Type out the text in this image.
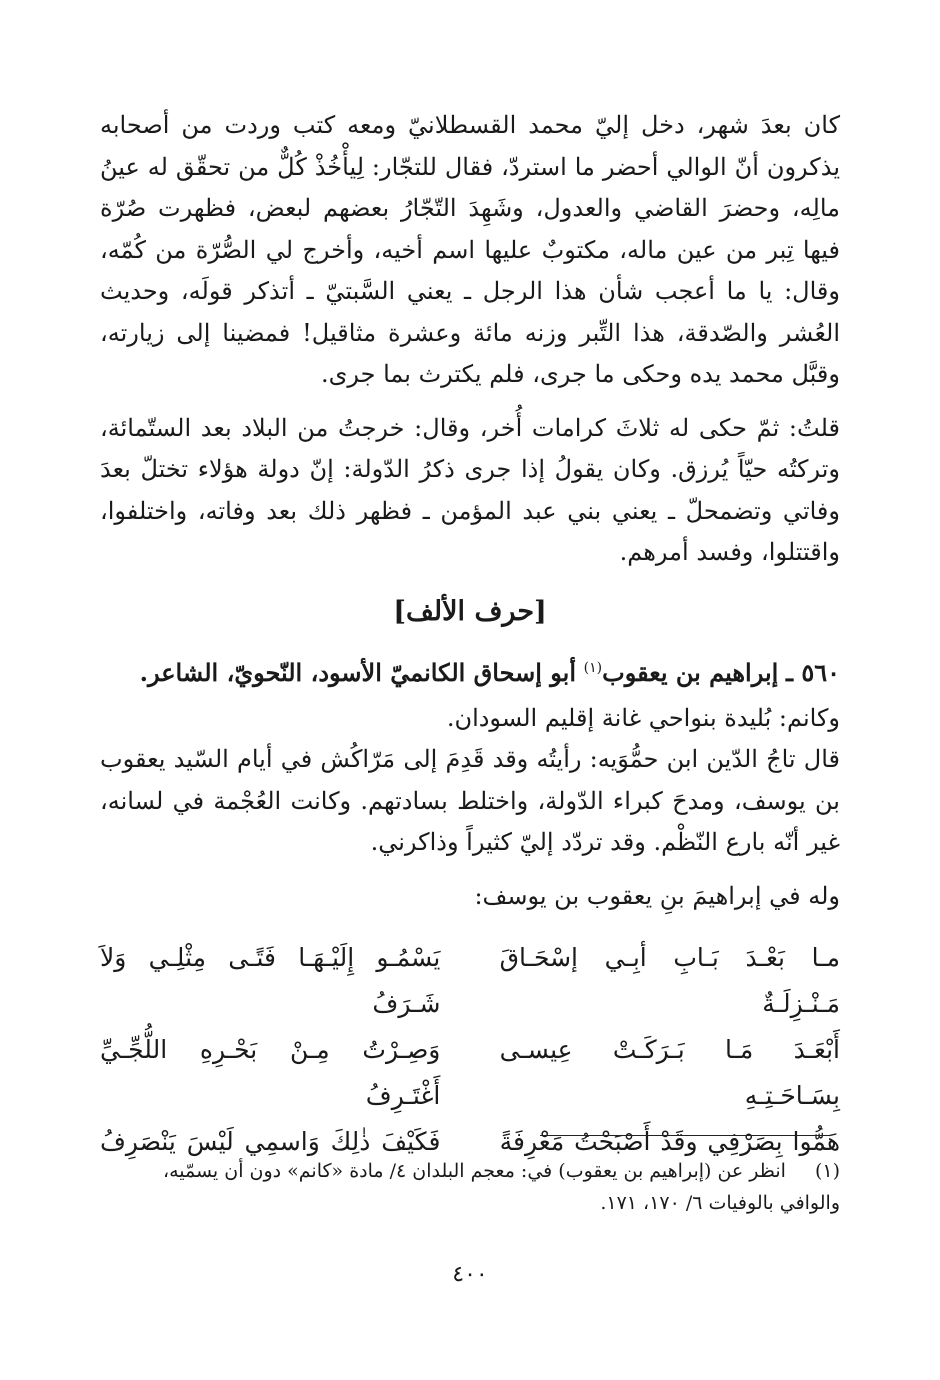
كان بعدَ شهر، دخل إليّ محمد القسطلانيّ ومعه كتب وردت من أصحابه يذكرون أنّ الوالي أحضر ما استردّ، فقال للتجّار: لِيأْخُذْ كُلٌّ من تحقّق له عينُ مالِه، وحضرَ القاضي والعدول، وشَهِدَ التّجّارُ بعضهم لبعض، فظهرت صُرّة فيها تِبر من عين ماله، مكتوبٌ عليها اسم أخيه، وأخرج لي الصُّرّة من كُمّه، وقال: يا ما أعجب شأن هذا الرجل ـ يعني السَّبتيّ ـ أتذكر قولَه، وحديث العُشر والصّدقة، هذا التِّبر وزنه مائة وعشرة مثاقيل! فمضينا إلى زيارته، وقبَّل محمد يده وحكى ما جرى، فلم يكترث بما جرى.

قلتُ: ثمّ حكى له ثلاثَ كرامات أُخر، وقال: خرجتُ من البلاد بعد الستّمائة، وتركتُه حيّاً يُرزق. وكان يقولُ إذا جرى ذكرُ الدّولة: إنّ دولة هؤلاء تختلّ بعدَ وفاتي وتضمحلّ ـ يعني بني عبد المؤمن ـ فظهر ذلك بعد وفاته، واختلفوا، واقتتلوا، وفسد أمرهم.

[حرف الألف]

٥٦٠ ـ إبراهيم بن يعقوب$^{(١)}$ أبو إسحاق الكانميّ الأسود، النّحويّ، الشاعر.

وكانم: بُليدة بنواحي غانة إقليم السودان.

قال تاجُ الدّين ابن حمُّوَيه: رأيتُه وقد قَدِمَ إلى مَرّاكُش في أيام السّيد يعقوب بن يوسف، ومدحَ كبراء الدّولة، واختلط بسادتهم. وكانت العُجْمة في لسانه، غير أنّه بارع النّظْم. وقد تردّد إليّ كثيراً وذاكرني.

وله في إبراهيمَ بنِ يعقوب بن يوسف:

مـا بَعْـدَ بَـابِ أبِـي إسْحَـاقَ مَـنْـزِلَـةٌ
يَسْمُـو إِلَيْـهَـا فَتًـى مِثْلِـي وَلاَ شَـرَفُ
أَبْعَـدَ مَـا بَـرَكَـتْ عِيسـى بِسَـاحَـتِـهِ
وَصِـرْتُ مِـنْ بَحْـرِهِ اللُّجِّـيِّ أَغْتَـرِفُ
هَمُّوا بِصَرْفِي وقَدْ أَصْبَحْتُ مَعْرِفَةً
فَكَيْفَ ذٰلِكَ وَاسمِي لَيْسَ يَنْصَرِفُ
(١) انظر عن (إبراهيم بن يعقوب) في: معجم البلدان ٤/ مادة «كانم» دون أن يسمّيه، والوافي بالوفيات ٦/ ١٧٠، ١٧١.
٤٠٠
